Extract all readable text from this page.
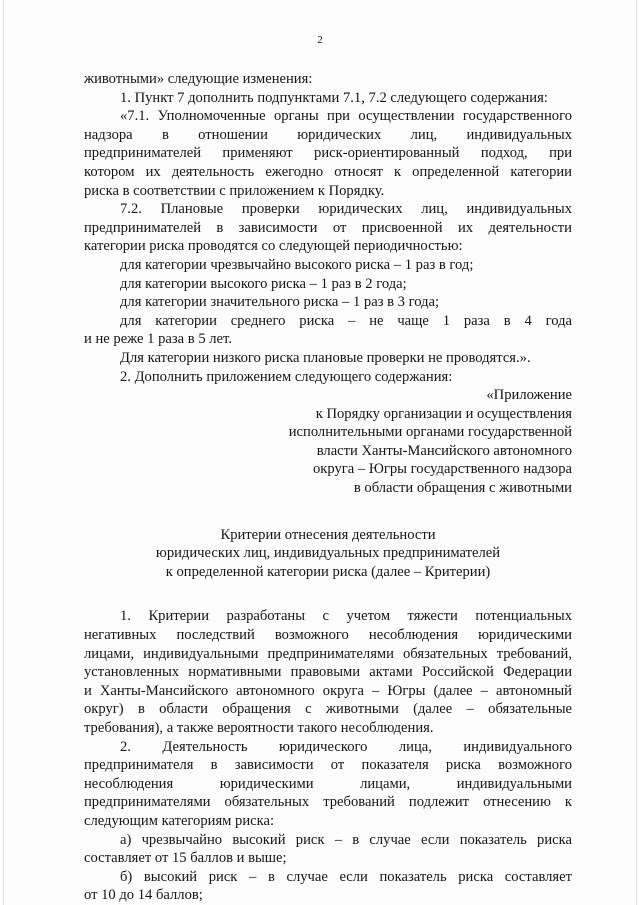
2

животными» следующие изменения:

1. Пункт 7 дополнить подпунктами 7.1, 7.2 следующего содержания:

«7.1. Уполномоченные органы при осуществлении государственного

надзора в отношении юридических лиц, индивидуальных

предпринимателей применяют риск-ориентированный подход, при

котором их деятельность ежегодно относят к определенной категории

риска в соответствии с приложением к Порядку.

7.2. Плановые проверки юридических лиц, индивидуальных

предпринимателей в зависимости от присвоенной их деятельности

категории риска проводятся со следующей периодичностью:

для категории чрезвычайно высокого риска – 1 раз в год;

для категории высокого риска – 1 раз в 2 года;

для категории значительного риска – 1 раз в 3 года;

для категории среднего риска – не чаще 1 раза в 4 года

и не реже 1 раза в 5 лет.

Для категории низкого риска плановые проверки не проводятся.».

2. Дополнить приложением следующего содержания:

«Приложение

к Порядку организации и осуществления

исполнительными органами государственной

власти Ханты-Мансийского автономного

округа – Югры государственного надзора

в области обращения с животными

Критерии отнесения деятельности

юридических лиц, индивидуальных предпринимателей

к определенной категории риска (далее – Критерии)

1. Критерии разработаны с учетом тяжести потенциальных

негативных последствий возможного несоблюдения юридическими

лицами, индивидуальными предпринимателями обязательных требований,

установленных нормативными правовыми актами Российской Федерации

и Ханты-Мансийского автономного округа – Югры (далее – автономный

округ) в области обращения с животными (далее – обязательные

требования), а также вероятности такого несоблюдения.

2. Деятельность юридического лица, индивидуального

предпринимателя в зависимости от показателя риска возможного

несоблюдения юридическими лицами, индивидуальными

предпринимателями обязательных требований подлежит отнесению к

следующим категориям риска:

а) чрезвычайно высокий риск – в случае если показатель риска

составляет от 15 баллов и выше;

б) высокий риск – в случае если показатель риска составляет

от 10 до 14 баллов;
